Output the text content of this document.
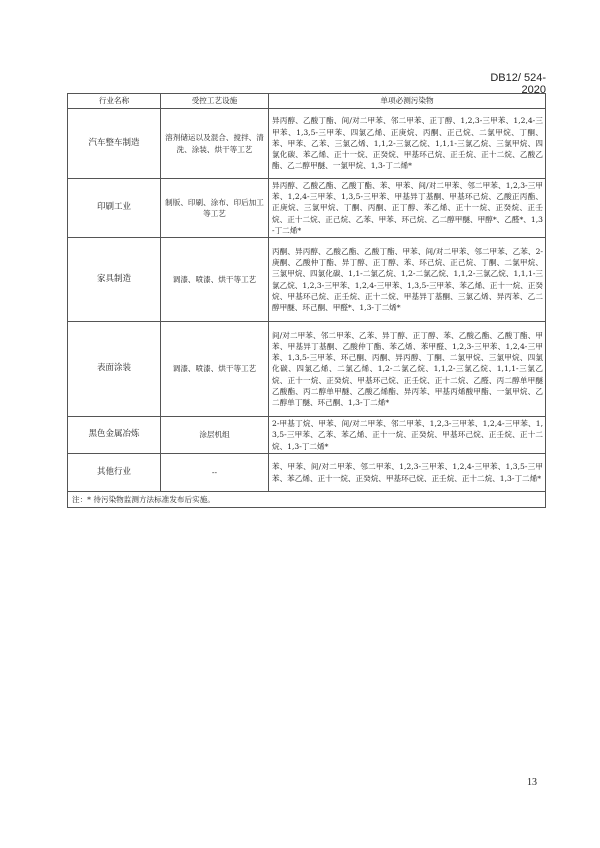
DB12/ 524-2020
行业名称	受控工艺设施	单项必测污染物
汽车整车制造	溶剂储运以及混合、搅拌、清洗、涂装、烘干等工艺	异丙醇、乙酸丁酯、间/对二甲苯、邻二甲苯、正丁醇、1,2,3-三甲苯、1,2,4-三甲苯、1,3,5-三甲苯、四氯乙烯、正庚烷、丙酮、正己烷、二氯甲烷、丁酮、苯、甲苯、乙苯、三氯乙烯、1,1,2-三氯乙烷、1,1,1-三氯乙烷、三氯甲烷、四氯化碳、苯乙烯、正十一烷、正癸烷、甲基环己烷、正壬烷、正十二烷、乙酸乙酯、乙二醇甲醚、一氯甲烷、1,3-丁二烯*
印刷工业	制版、印刷、涂布、印后加工等工艺	异丙醇、乙酸乙酯、乙酸丁酯、苯、甲苯、间/对二甲苯、邻二甲苯、1,2,3-三甲苯、1,2,4-三甲苯、1,3,5-三甲苯、甲基异丁基酮、甲基环己烷、乙酸正丙酯、正庚烷、三氯甲烷、丁酮、丙酮、正丁醇、苯乙烯、正十一烷、正癸烷、正壬烷、正十二烷、正己烷、乙苯、甲苯、环己烷、乙二醇甲醚、甲醇*、乙醛*、1,3-丁二烯*
家具制造	调漆、喷漆、烘干等工艺	丙酮、异丙醇、乙酸乙酯、乙酸丁酯、甲苯、间/对二甲苯、邻二甲苯、乙苯、2-庚酮、乙酸仲丁酯、异丁醇、正丁醇、苯、环己烷、正己烷、丁酮、二氯甲烷、三氯甲烷、四氯化碳、1,1-二氯乙烷、1,2-二氯乙烷、1,1,2-三氯乙烷、1,1,1-三氯乙烷、1,2,3-三甲苯、1,2,4-三甲苯、1,3,5-三甲苯、苯乙烯、正十一烷、正癸烷、甲基环己烷、正壬烷、正十二烷、甲基异丁基酮、三氯乙烯、异丙苯、乙二醇甲醚、环己酮、甲醛*、1,3-丁二烯*
表面涂装	调漆、喷漆、烘干等工艺	间/对二甲苯、邻二甲苯、乙苯、异丁醇、正丁醇、苯、乙酸乙酯、乙酸丁酯、甲苯、甲基异丁基酮、乙酸仲丁酯、苯乙烯、苯甲醛、1,2,3-三甲苯、1,2,4-三甲苯、1,3,5-三甲苯、环己酮、丙酮、异丙醇、丁酮、二氯甲烷、三氯甲烷、四氯化碳、四氯乙烯、二氯乙烯、1,2-二氯乙烷、1,1,2-三氯乙烷、1,1,1-三氯乙烷、正十一烷、正癸烷、甲基环己烷、正壬烷、正十二烷、乙醛、丙二醇单甲醚乙酸酯、丙二醇单甲醚、乙酸乙烯酯、异丙苯、甲基丙烯酸甲酯、一氯甲烷、乙二醇单丁醚、环己酮、1,3-丁二烯*
黑色金属冶炼	涂层机组	2-甲基丁烷、甲苯、间/对二甲苯、邻二甲苯、1,2,3-三甲苯、1,2,4-三甲苯、1,3,5-三甲苯、乙苯、苯乙烯、正十一烷、正癸烷、甲基环己烷、正壬烷、正十二烷、1,3-丁二烯*
其他行业	--	苯、甲苯、间/对二甲苯、邻二甲苯、1,2,3-三甲苯、1,2,4-三甲苯、1,3,5-三甲苯、苯乙烯、正十一烷、正癸烷、甲基环己烷、正壬烷、正十二烷、1,3-丁二烯*
注：* 待污染物监测方法标准发布后实施。		
13
